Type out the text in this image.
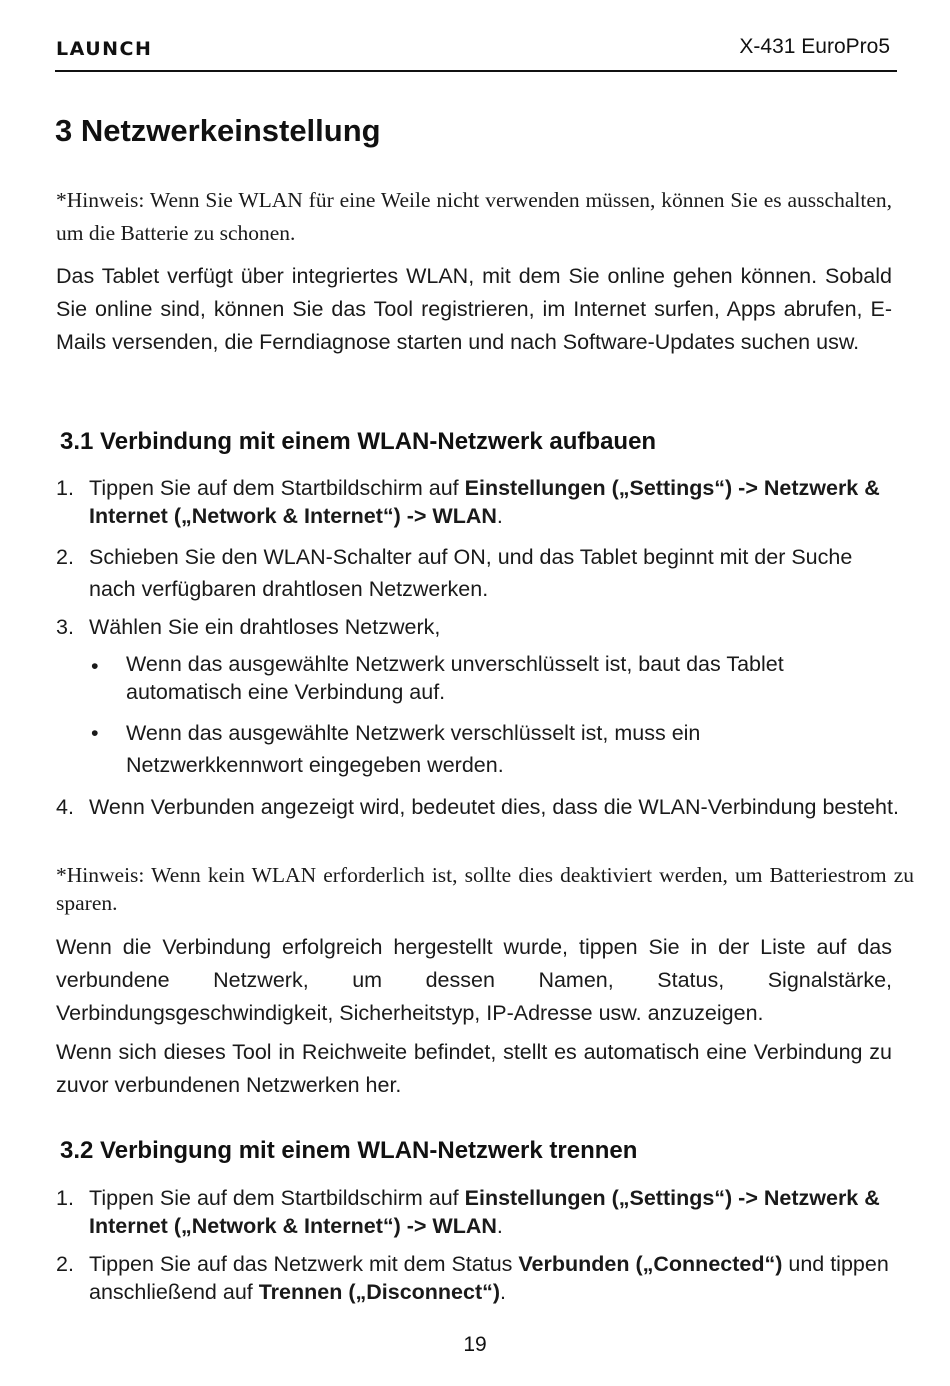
LAUNCH	X-431 EuroPro5
3 Netzwerkeinstellung
*Hinweis: Wenn Sie WLAN für eine Weile nicht verwenden müssen, können Sie es ausschalten, um die Batterie zu schonen.
Das Tablet verfügt über integriertes WLAN, mit dem Sie online gehen können. Sobald Sie online sind, können Sie das Tool registrieren, im Internet surfen, Apps abrufen, E-Mails versenden, die Ferndiagnose starten und nach Software-Updates suchen usw.
3.1 Verbindung mit einem WLAN-Netzwerk aufbauen
1. Tippen Sie auf dem Startbildschirm auf Einstellungen („Settings“) -> Netzwerk & Internet („Network & Internet“) -> WLAN.
2. Schieben Sie den WLAN-Schalter auf ON, und das Tablet beginnt mit der Suche nach verfügbaren drahtlosen Netzwerken.
3. Wählen Sie ein drahtloses Netzwerk,
• Wenn das ausgewählte Netzwerk unverschlüsselt ist, baut das Tablet automatisch eine Verbindung auf.
• Wenn das ausgewählte Netzwerk verschlüsselt ist, muss ein Netzwerkkennwort eingegeben werden.
4. Wenn Verbunden angezeigt wird, bedeutet dies, dass die WLAN-Verbindung besteht.
*Hinweis: Wenn kein WLAN erforderlich ist, sollte dies deaktiviert werden, um Batteriestrom zu sparen.
Wenn die Verbindung erfolgreich hergestellt wurde, tippen Sie in der Liste auf das verbundene Netzwerk, um dessen Namen, Status, Signalstärke, Verbindungsgeschwindigkeit, Sicherheitstyp, IP-Adresse usw. anzuzeigen.
Wenn sich dieses Tool in Reichweite befindet, stellt es automatisch eine Verbindung zu zuvor verbundenen Netzwerken her.
3.2 Verbingung mit einem WLAN-Netzwerk trennen
1. Tippen Sie auf dem Startbildschirm auf Einstellungen („Settings“) -> Netzwerk & Internet („Network & Internet“) -> WLAN.
2. Tippen Sie auf das Netzwerk mit dem Status Verbunden („Connected“) und tippen anschließend auf Trennen („Disconnect“).
19
